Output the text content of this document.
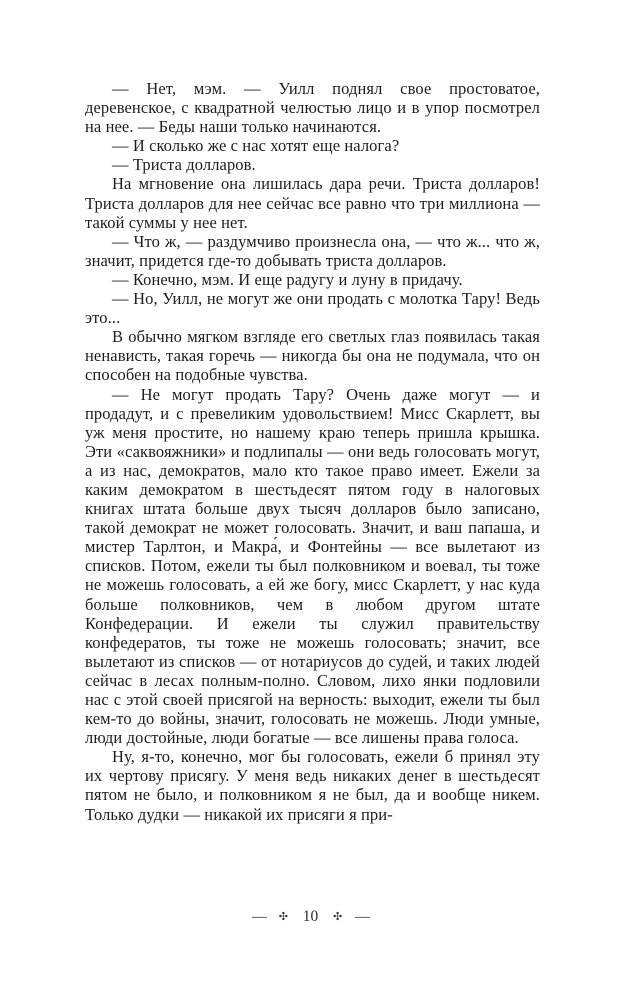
— Нет, мэм. — Уилл поднял свое простоватое, деревенское, с квадратной челюстью лицо и в упор посмотрел на нее. — Беды наши только начинаются.

— И сколько же с нас хотят еще налога?

— Триста долларов.

На мгновение она лишилась дара речи. Триста долларов! Триста долларов для нее сейчас все равно что три миллиона — такой суммы у нее нет.

— Что ж, — раздумчиво произнесла она, — что ж... что ж, значит, придется где-то добывать триста долларов.

— Конечно, мэм. И еще радугу и луну в придачу.

— Но, Уилл, не могут же они продать с молотка Тару! Ведь это...

В обычно мягком взгляде его светлых глаз появилась такая ненависть, такая горечь — никогда бы она не подумала, что он способен на подобные чувства.

— Не могут продать Тару? Очень даже могут — и продадут, и с превеликим удовольствием! Мисс Скарлетт, вы уж меня простите, но нашему краю теперь пришла крышка. Эти «саквояжники» и подлипалы — они ведь голосовать могут, а из нас, демократов, мало кто такое право имеет. Ежели за каким демократом в шестьдесят пятом году в налоговых книгах штата больше двух тысяч долларов было записано, такой демократ не может голосовать. Значит, и ваш папаша, и мистер Тарлтон, и Макра́, и Фонтейны — все вылетают из списков. Потом, ежели ты был полковником и воевал, ты тоже не можешь голосовать, а ей же богу, мисс Скарлетт, у нас куда больше полковников, чем в любом другом штате Конфедерации. И ежели ты служил правительству конфедератов, ты тоже не можешь голосовать; значит, все вылетают из списков — от нотариусов до судей, и таких людей сейчас в лесах полным-полно. Словом, лихо янки подловили нас с этой своей присягой на верность: выходит, ежели ты был кем-то до войны, значит, голосовать не можешь. Люди умные, люди достойные, люди богатые — все лишены права голоса.

Ну, я-то, конечно, мог бы голосовать, ежели б принял эту их чертову присягу. У меня ведь никаких денег в шестьдесят пятом не было, и полковником я не был, да и вообще никем. Только дудки — никакой их присяги я при-

— ✣ 10 ✣ —
